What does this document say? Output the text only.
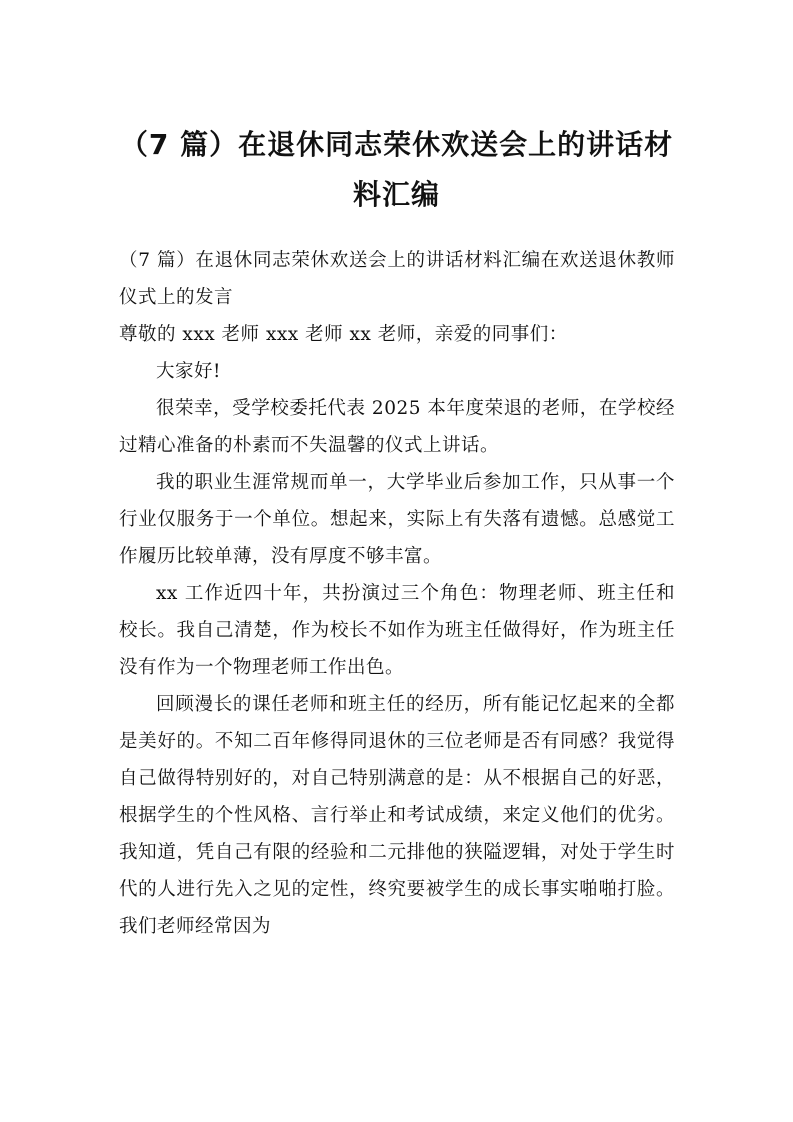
（7 篇）在退休同志荣休欢送会上的讲话材
料汇编

（7 篇）在退休同志荣休欢送会上的讲话材料汇编在欢送退休教师仪式上的发言

尊敬的 xxx 老师 xxx 老师 xx 老师，亲爱的同事们：

大家好!

很荣幸，受学校委托代表 2025 本年度荣退的老师，在学校经过精心准备的朴素而不失温馨的仪式上讲话。

我的职业生涯常规而单一，大学毕业后参加工作，只从事一个行业仅服务于一个单位。想起来，实际上有失落有遗憾。总感觉工作履历比较单薄，没有厚度不够丰富。

xx 工作近四十年，共扮演过三个角色：物理老师、班主任和校长。我自己清楚，作为校长不如作为班主任做得好，作为班主任没有作为一个物理老师工作出色。

回顾漫长的课任老师和班主任的经历，所有能记忆起来的全都是美好的。不知二百年修得同退休的三位老师是否有同感？我觉得自己做得特别好的，对自己特别满意的是：从不根据自己的好恶，根据学生的个性风格、言行举止和考试成绩，来定义他们的优劣。我知道，凭自己有限的经验和二元排他的狭隘逻辑，对处于学生时代的人进行先入之见的定性，终究要被学生的成长事实啪啪打脸。我们老师经常因为
